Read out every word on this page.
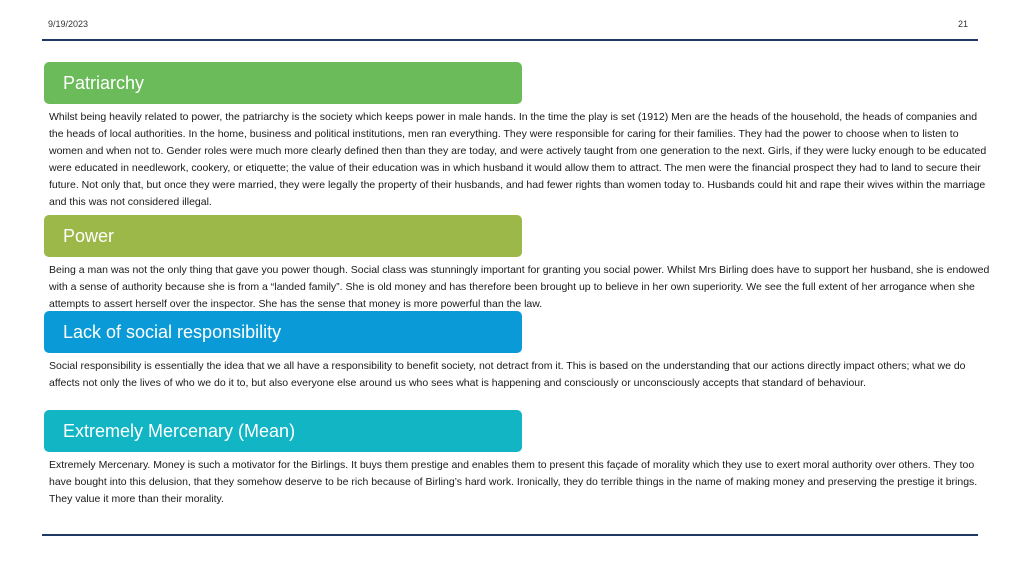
9/19/2023	21
Patriarchy
Whilst being heavily related to power, the patriarchy is the society which keeps power in male hands. In the time the play is set (1912) Men are the heads of the household, the heads of companies and the heads of local authorities. In the home, business and political institutions, men ran everything. They were responsible for caring for their families. They had the power to choose when to listen to women and when not to. Gender roles were much more clearly defined then than they are today, and were actively taught from one generation to the next. Girls, if they were lucky enough to be educated were educated in needlework, cookery, or etiquette; the value of their education was in which husband it would allow them to attract. The men were the financial prospect they had to land to secure their future. Not only that, but once they were married, they were legally the property of their husbands, and had fewer rights than women today to. Husbands could hit and rape their wives within the marriage and this was not considered illegal.
Power
Being a man was not the only thing that gave you power though. Social class was stunningly important for granting you social power. Whilst Mrs Birling does have to support her husband, she is endowed with a sense of authority because she is from a “landed family”. She is old money and has therefore been brought up to believe in her own superiority. We see the full extent of her arrogance when she attempts to assert herself over the inspector. She has the sense that money is more powerful than the law.
Lack of social responsibility
Social responsibility is essentially the idea that we all have a responsibility to benefit society, not detract from it. This is based on the understanding that our actions directly impact others; what we do affects not only the lives of who we do it to, but also everyone else around us who sees what is happening and consciously or unconsciously accepts that standard of behaviour.
Extremely Mercenary (Mean)
Extremely Mercenary. Money is such a motivator for the Birlings. It buys them prestige and enables them to present this façade of morality which they use to exert moral authority over others. They too have bought into this delusion, that they somehow deserve to be rich because of Birling’s hard work. Ironically, they do terrible things in the name of making money and preserving the prestige it brings. They value it more than their morality.
